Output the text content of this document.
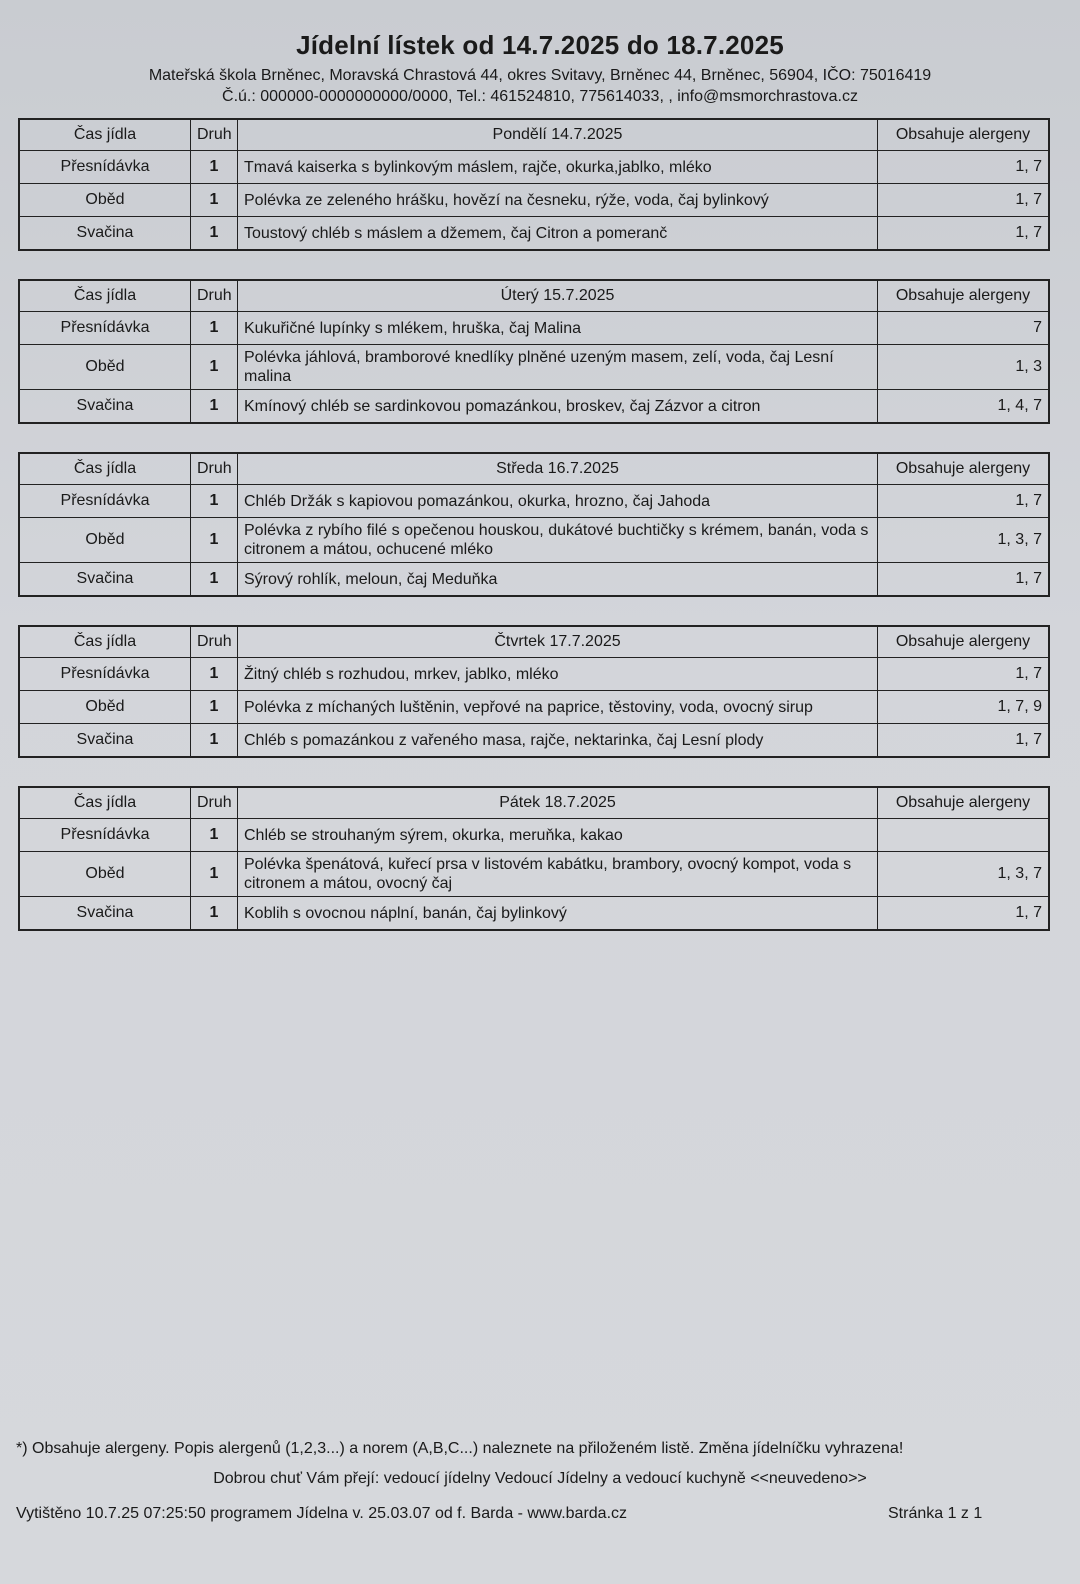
Jídelní lístek od 14.7.2025 do 18.7.2025
Mateřská škola Brněnec, Moravská Chrastová 44, okres Svitavy, Brněnec 44, Brněnec, 56904, IČO: 75016419
Č.ú.: 000000-0000000000/0000, Tel.: 461524810, 775614033, , info@msmorchrastova.cz
Čas jídla	Druh	Pondělí 14.7.2025	Obsahuje alergeny
Přesnídávka	1	Tmavá kaiserka s bylinkovým máslem, rajče, okurka,jablko, mléko	1, 7
Oběd	1	Polévka ze zeleného hrášku, hovězí na česneku, rýže, voda, čaj bylinkový	1, 7
Svačina	1	Toustový chléb s máslem a džemem, čaj Citron a pomeranč	1, 7
Čas jídla	Druh	Úterý 15.7.2025	Obsahuje alergeny
Přesnídávka	1	Kukuřičné lupínky s mlékem, hruška, čaj Malina	7
Oběd	1	Polévka jáhlová, bramborové knedlíky plněné uzeným masem, zelí, voda, čaj Lesní malina	1, 3
Svačina	1	Kmínový chléb se sardinkovou pomazánkou, broskev, čaj Zázvor a citron	1, 4, 7
Čas jídla	Druh	Středa 16.7.2025	Obsahuje alergeny
Přesnídávka	1	Chléb Držák s kapiovou pomazánkou, okurka, hrozno, čaj Jahoda	1, 7
Oběd	1	Polévka z rybího filé s opečenou houskou, dukátové buchtičky s krémem, banán, voda s citronem a mátou, ochucené mléko	1, 3, 7
Svačina	1	Sýrový rohlík, meloun, čaj Meduňka	1, 7
Čas jídla	Druh	Čtvrtek 17.7.2025	Obsahuje alergeny
Přesnídávka	1	Žitný chléb s rozhudou, mrkev, jablko, mléko	1, 7
Oběd	1	Polévka z míchaných luštěnin, vepřové na paprice, těstoviny, voda, ovocný sirup	1, 7, 9
Svačina	1	Chléb s pomazánkou z vařeného masa, rajče, nektarinka, čaj Lesní plody	1, 7
Čas jídla	Druh	Pátek 18.7.2025	Obsahuje alergeny
Přesnídávka	1	Chléb se strouhaným sýrem, okurka, meruňka, kakao	
Oběd	1	Polévka špenátová, kuřecí prsa v listovém kabátku, brambory, ovocný kompot, voda s citronem a mátou, ovocný čaj	1, 3, 7
Svačina	1	Koblih s ovocnou náplní, banán, čaj bylinkový	1, 7
*) Obsahuje alergeny. Popis alergenů (1,2,3...) a norem (A,B,C...) naleznete na přiloženém listě. Změna jídelníčku vyhrazena!
Dobrou chuť Vám přejí: vedoucí jídelny Vedoucí Jídelny a vedoucí kuchyně <<neuvedeno>>
Vytištěno 10.7.25 07:25:50 programem Jídelna v. 25.03.07 od f. Barda - www.barda.cz	Stránka 1 z 1
